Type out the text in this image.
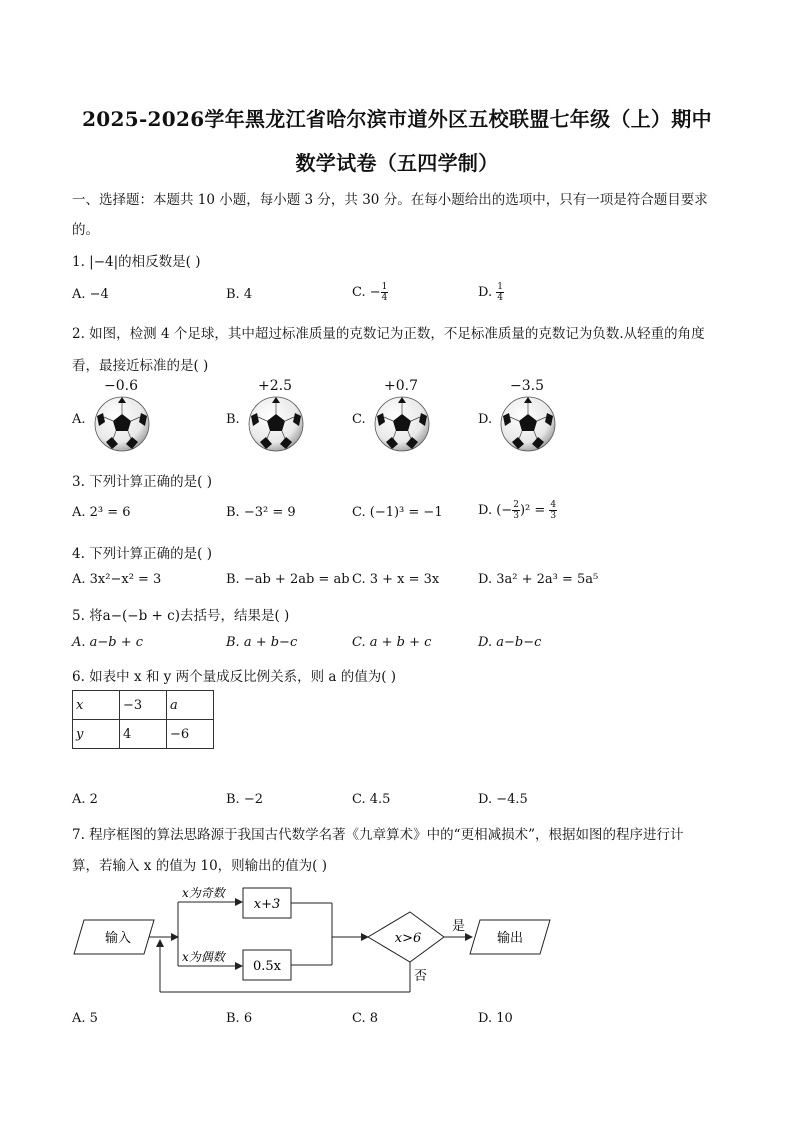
2025-2026学年黑龙江省哈尔滨市道外区五校联盟七年级（上）期中
数学试卷（五四学制）
一、选择题：本题共 10 小题，每小题 3 分，共 30 分。在每小题给出的选项中，只有一项是符合题目要求
的。
1. |−4|的相反数是( )
A. −4	B. 4	C. − $\frac{1}{4}$	D. $\frac{1}{4}$
2. 如图，检测 4 个足球，其中超过标准质量的克数记为正数，不足标准质量的克数记为负数.从轻重的角度
看，最接近标准的是( )
A.
−0.6
B.
+2.5
C.
+0.7
D.
−3.5
3. 下列计算正确的是( )
A. 2³ = 6	B. −3² = 9	C. (−1)³ = −1	D. (− $\frac{2}{3} )^2 = \frac{4}{3}$
4. 下列计算正确的是( )
A. 3x²−x² = 3	B. −ab + 2ab = ab C. 3 + x = 3x	D. 3a² + 2a³ = 5a⁵
5. 将a−(−b + c)去括号，结果是( )
A. a−b + c	B. a + b−c	C. a + b + c	D. a−b−c
6. 如表中 x 和 y 两个量成反比例关系，则 a 的值为( )
x	−3	a
y	4	−6
A. 2	B. −2	C. 4.5	D. −4.5
7. 程序框图的算法思路源于我国古代数学名著《九章算术》中的“更相减损术”，根据如图的程序进行计
算，若输入 x 的值为 10，则输出的值为( )
输入
x为奇数
x为偶数
x+3
0.5x
x>6
是
输出
否
A. 5	B. 6	C. 8	D. 10
